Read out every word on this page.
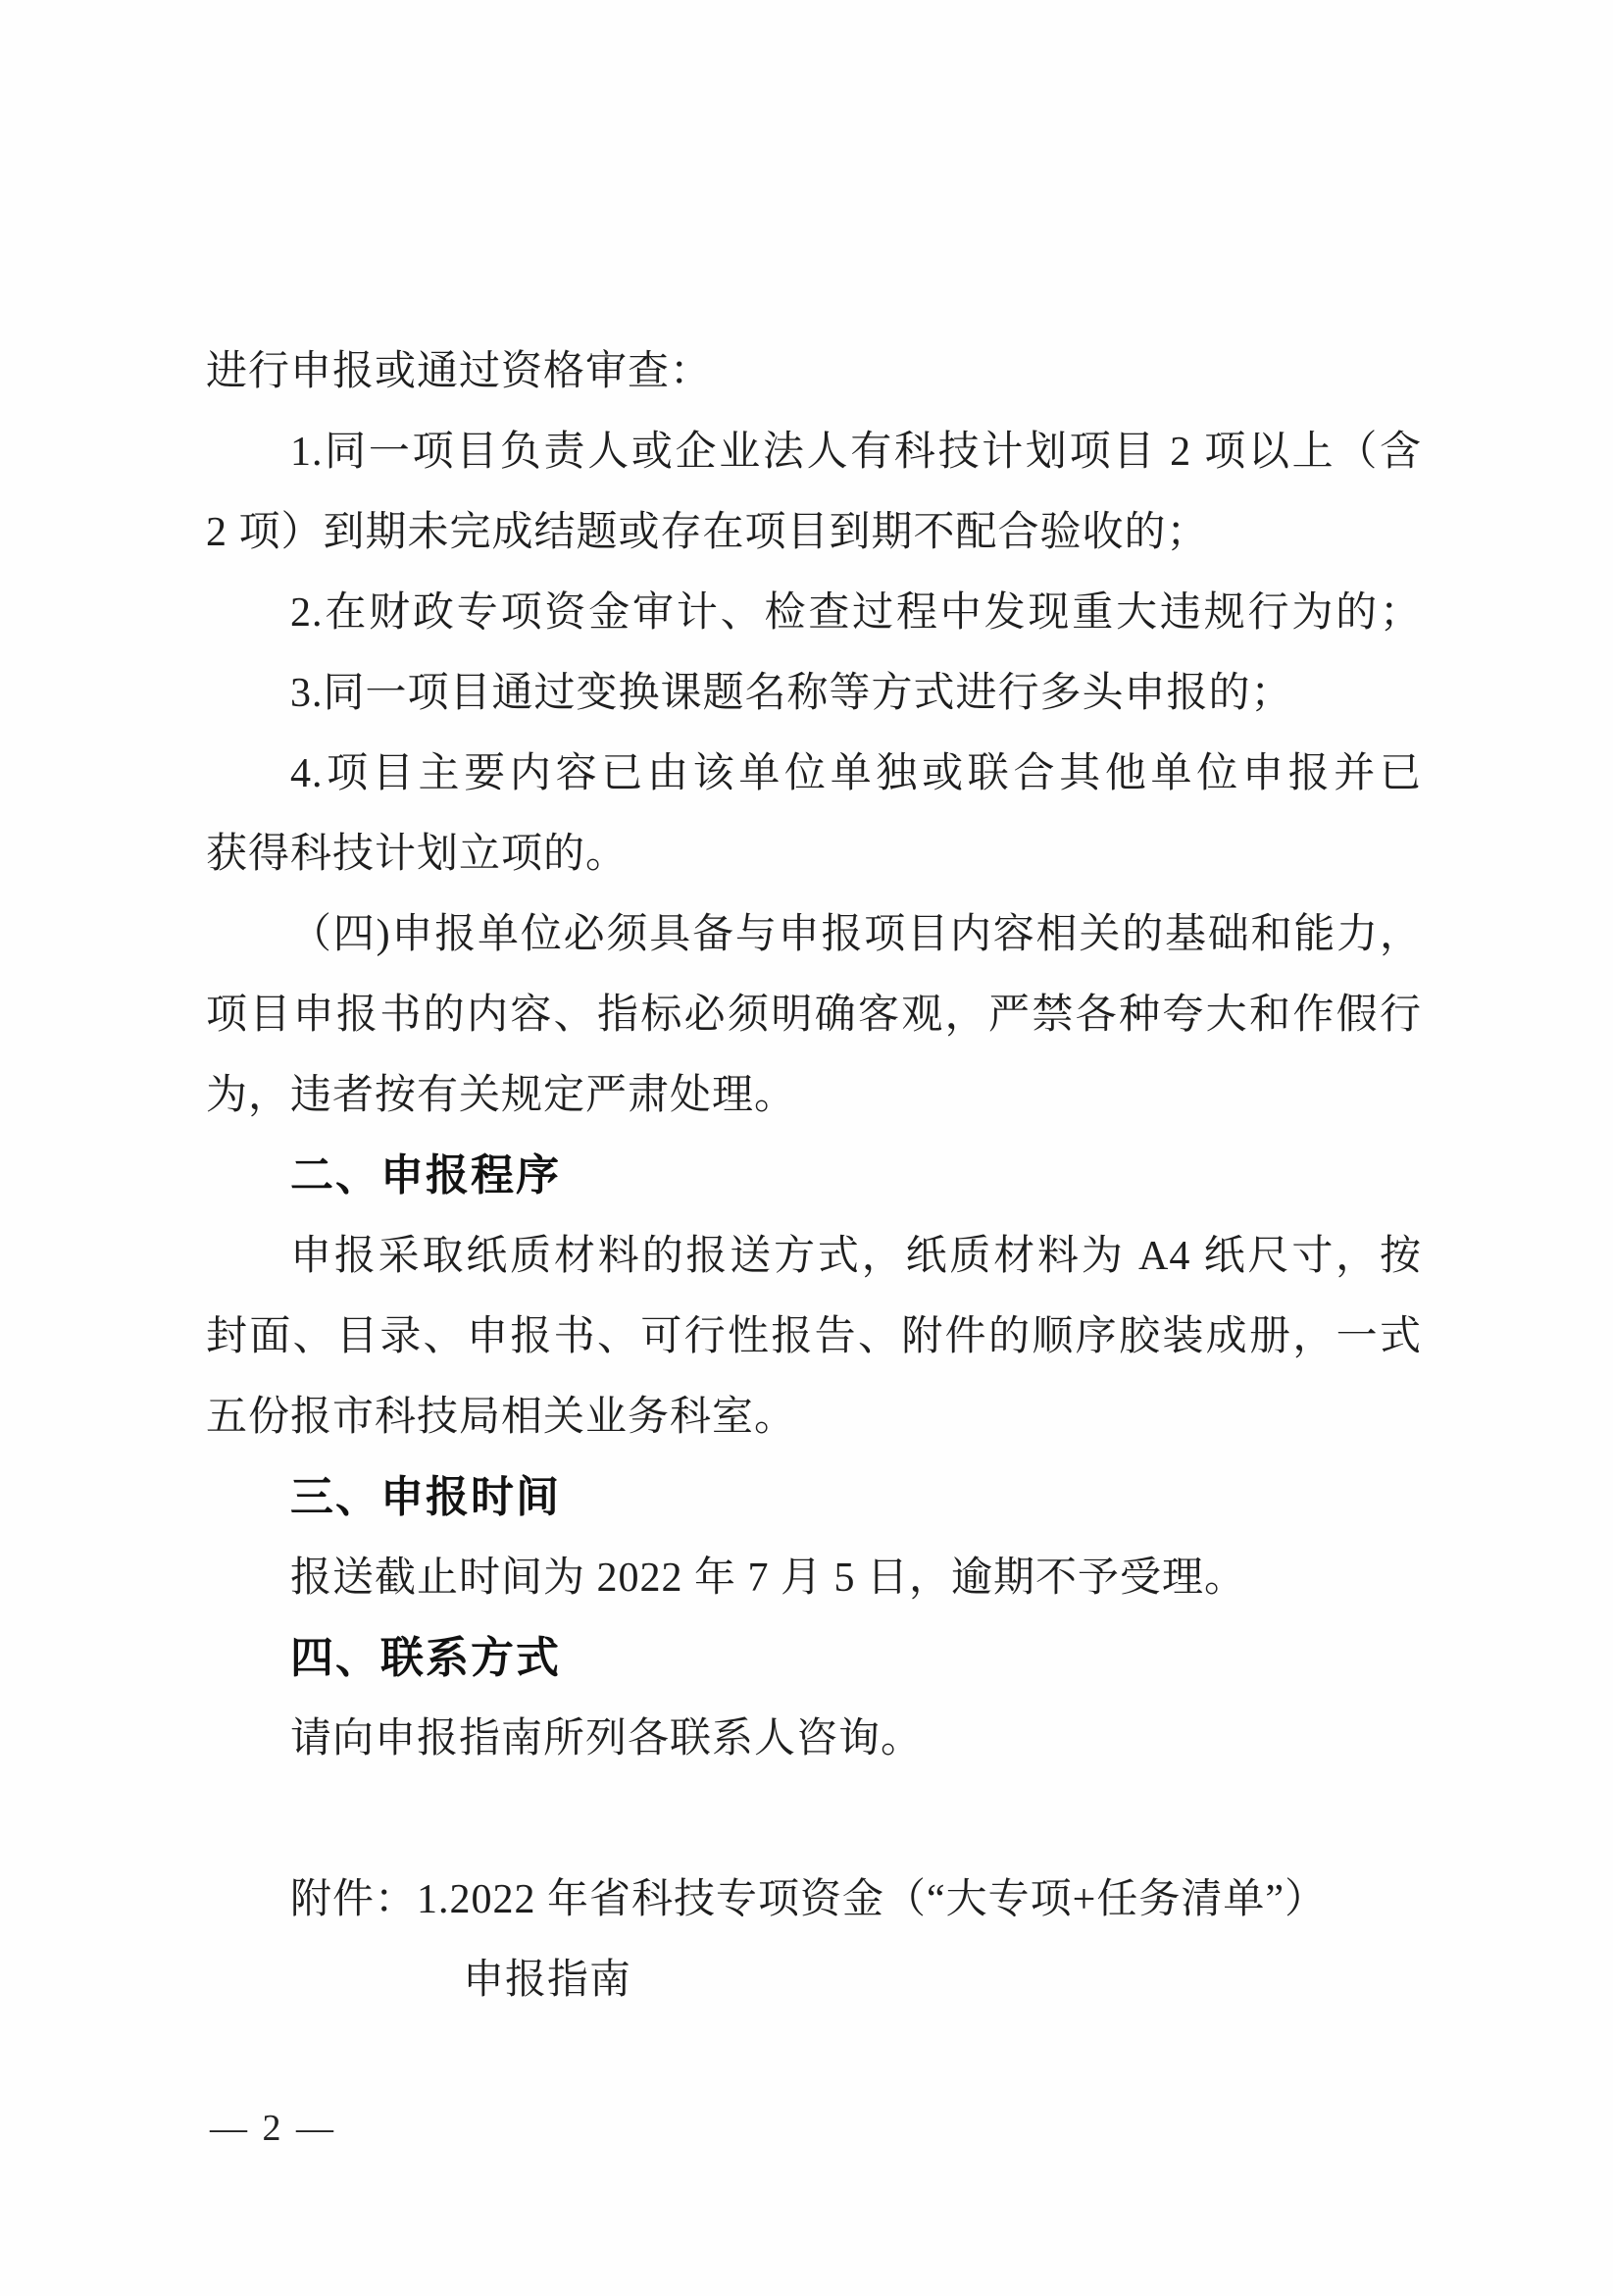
进行申报或通过资格审查：
1.同一项目负责人或企业法人有科技计划项目 2 项以上（含
2 项）到期未完成结题或存在项目到期不配合验收的；
2.在财政专项资金审计、检查过程中发现重大违规行为的；
3.同一项目通过变换课题名称等方式进行多头申报的；
4.项目主要内容已由该单位单独或联合其他单位申报并已
获得科技计划立项的。
（四)申报单位必须具备与申报项目内容相关的基础和能力，
项目申报书的内容、指标必须明确客观，严禁各种夸大和作假行
为，违者按有关规定严肃处理。
二、申报程序
申报采取纸质材料的报送方式，纸质材料为 A4 纸尺寸，按
封面、目录、申报书、可行性报告、附件的顺序胶装成册，一式
五份报市科技局相关业务科室。
三、申报时间
报送截止时间为 2022 年 7 月 5 日，逾期不予受理。
四、联系方式
请向申报指南所列各联系人咨询。
附件：1.2022 年省科技专项资金（“大专项+任务清单”）
申报指南
— 2 —
